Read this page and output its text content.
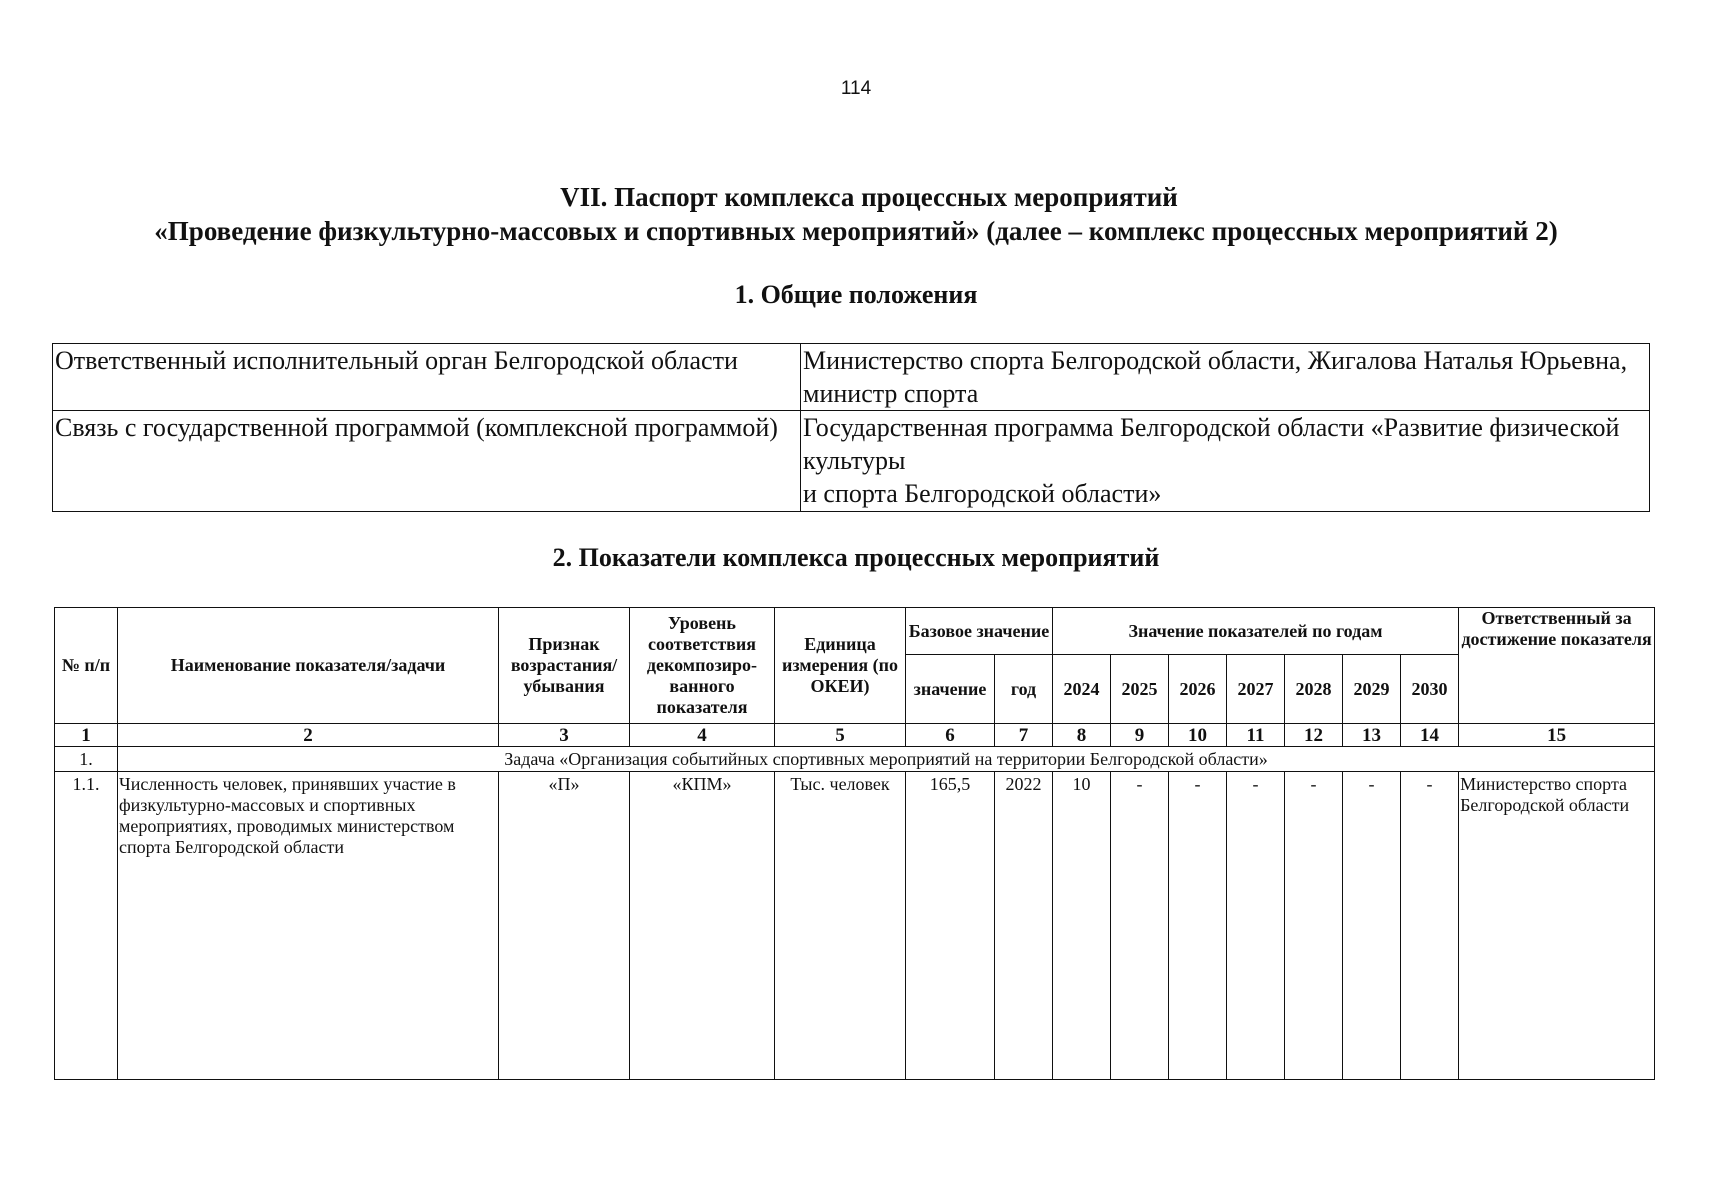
114
VII. Паспорт комплекса процессных мероприятий
«Проведение физкультурно-массовых и спортивных мероприятий» (далее – комплекс процессных мероприятий 2)
1. Общие положения
Ответственный исполнительный орган Белгородской области	Министерство спорта Белгородской области, Жигалова Наталья Юрьевна, министр спорта

Связь с государственной программой (комплексной программой)	Государственная программа Белгородской области «Развитие физической культуры
и спорта Белгородской области»
2. Показатели комплекса процессных мероприятий
№ п/п	Наименование показателя/задачи	Признак возрастания/ убывания	Уровень соответствия декомпозиро-ванного показателя	Единица измерения (по ОКЕИ)	Базовое значение		Значение показателей по годам							Ответственный за достижение показателя
					значение	год	2024	2025	2026	2027	2028	2029	2030	
1	2	3	4	5	6	7	8	9	10	11	12	13	14	15
1.	Задача «Организация событийных спортивных мероприятий на территории Белгородской области»													
1.1.	Численность человек, принявших участие в физкультурно-массовых и спортивных мероприятиях, проводимых министерством спорта Белгородской области	«П»	«КПМ»	Тыс. человек	165,5	2022	10	-	-	-	-	-	-	Министерство спорта Белгородской области
